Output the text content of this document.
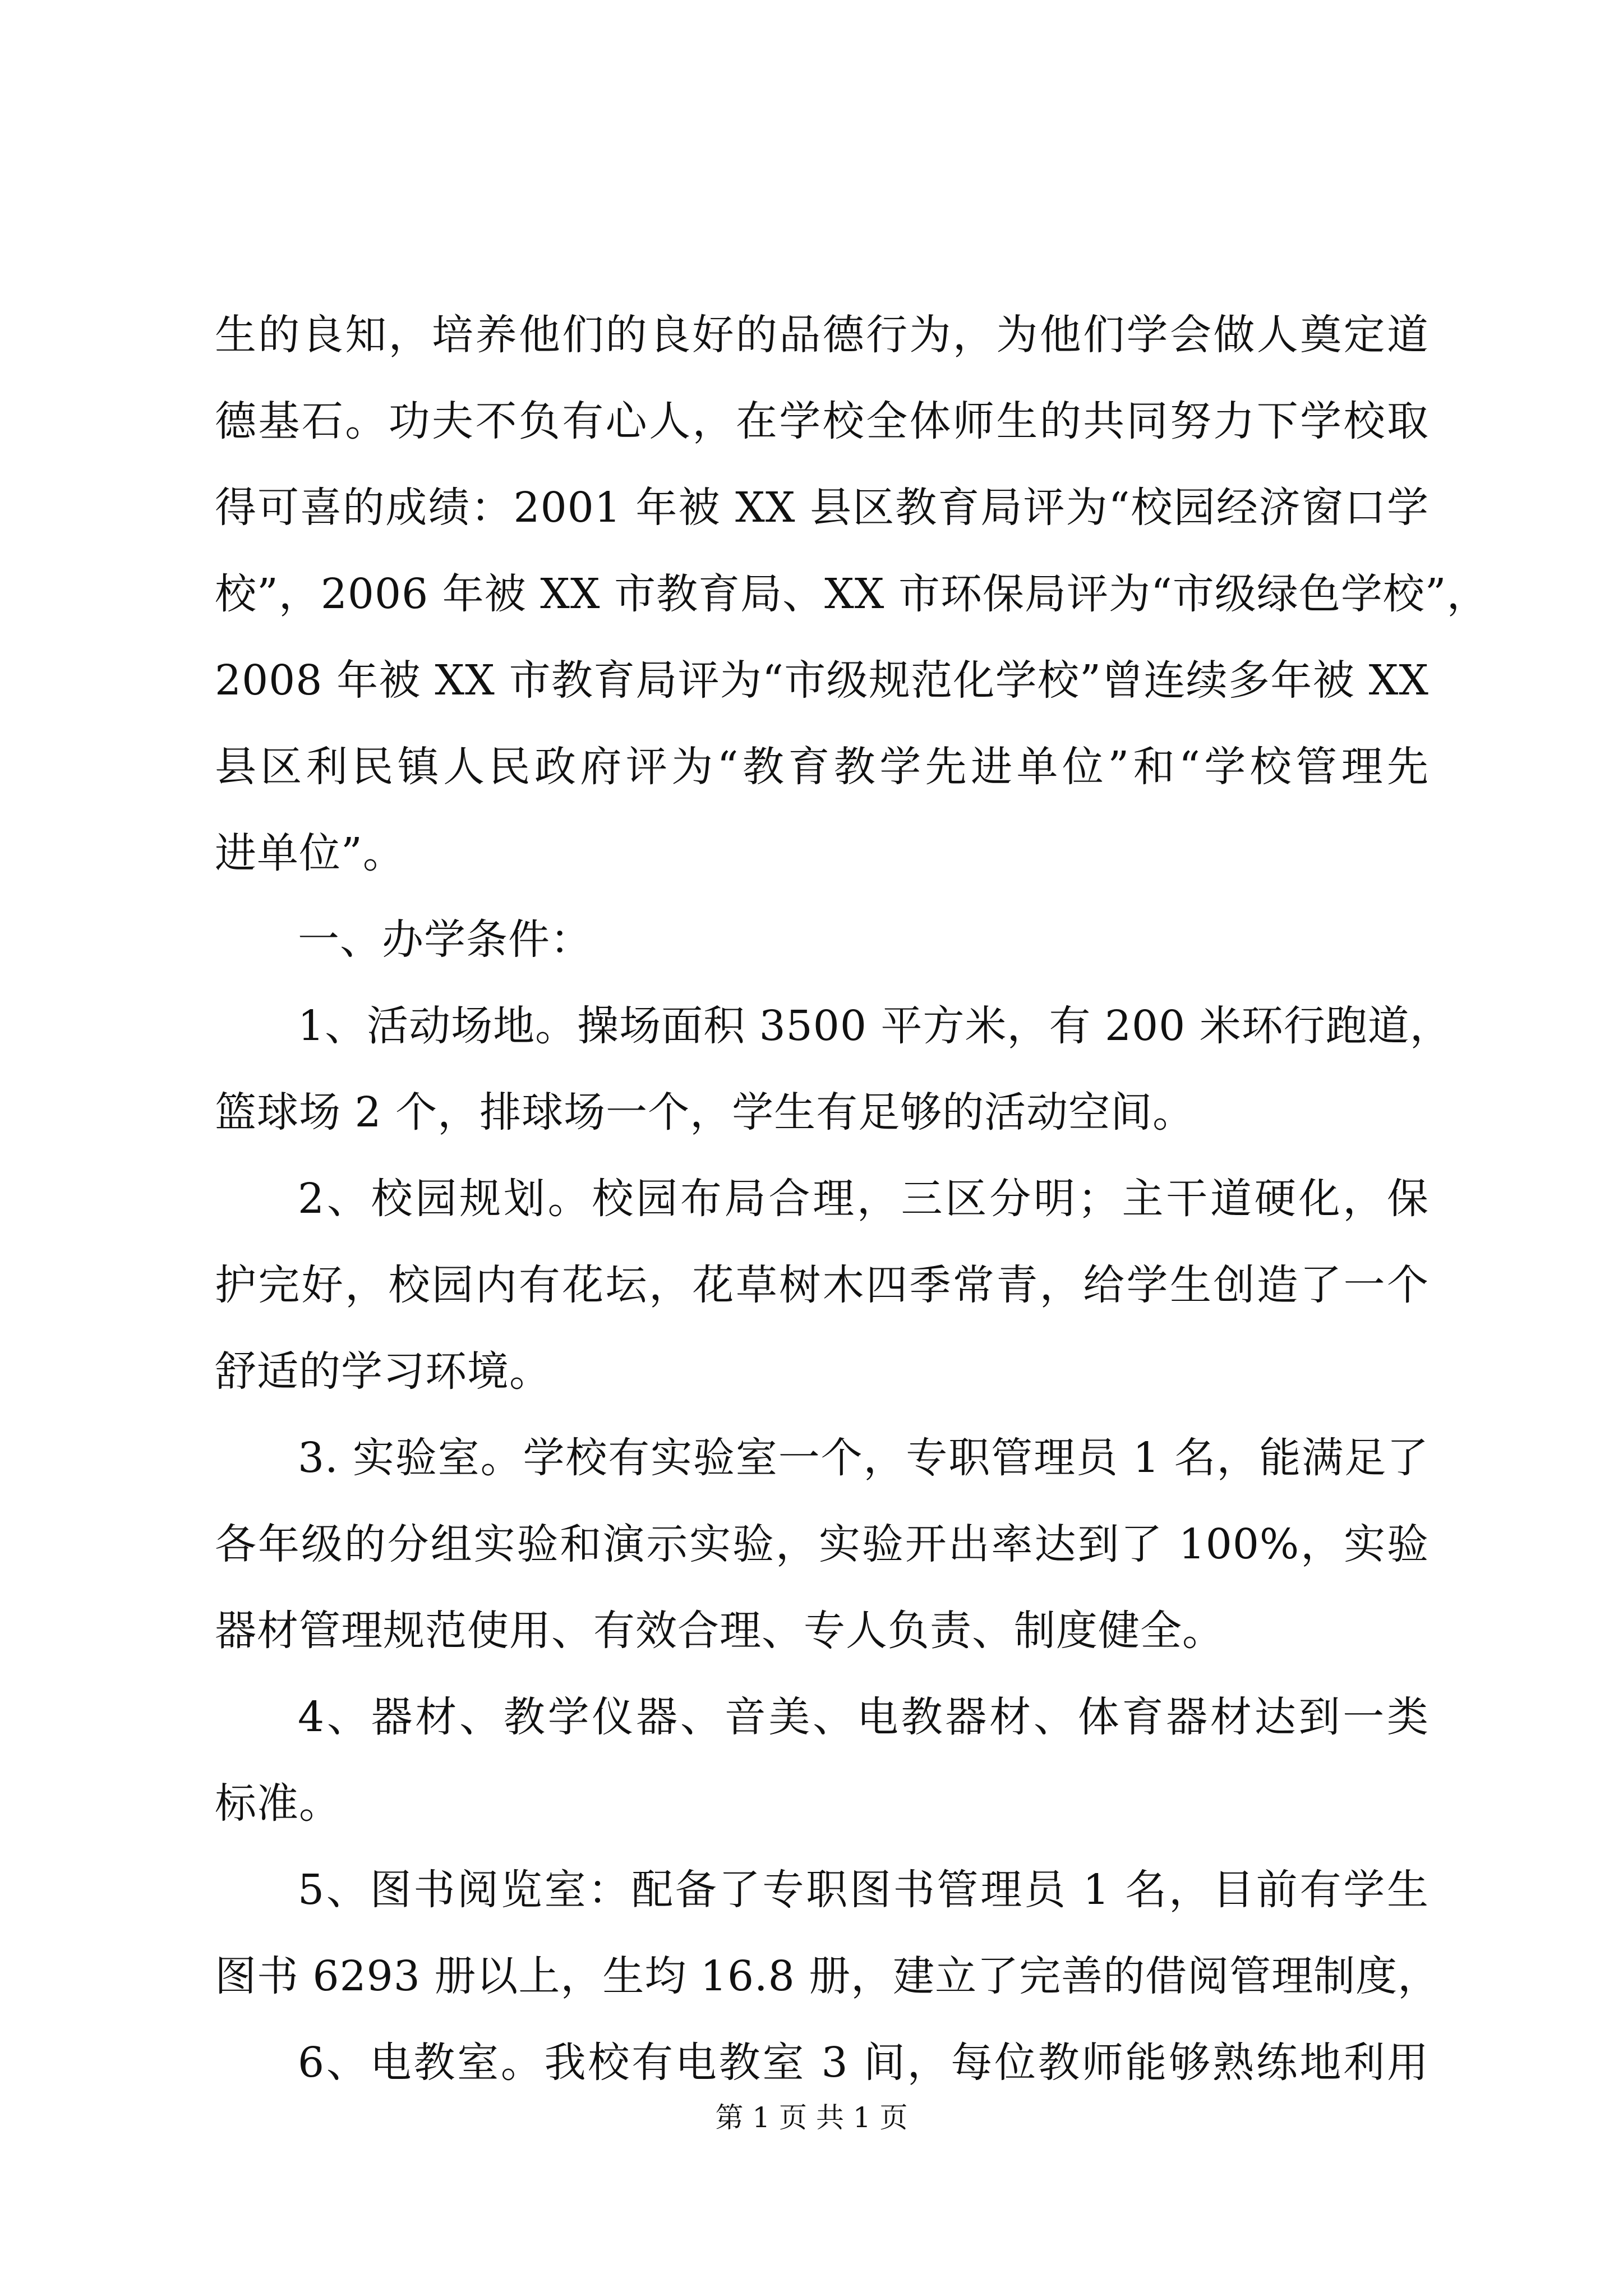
生的良知，培养他们的良好的品德行为，为他们学会做人奠定道
德基石。功夫不负有心人，在学校全体师生的共同努力下学校取
得可喜的成绩：2001 年被 XX 县区教育局评为“校园经济窗口学
校”，2006 年被 XX 市教育局、XX 市环保局评为“市级绿色学校”，
2008 年被 XX 市教育局评为“市级规范化学校”曾连续多年被 XX
县区利民镇人民政府评为“教育教学先进单位”和“学校管理先
进单位”。
一、办学条件：
1、活动场地。操场面积 3500 平方米，有 200 米环行跑道，
篮球场 2 个，排球场一个，学生有足够的活动空间。
2、校园规划。校园布局合理，三区分明；主干道硬化，保
护完好，校园内有花坛，花草树木四季常青，给学生创造了一个
舒适的学习环境。
3. 实验室。学校有实验室一个，专职管理员 1 名，能满足了
各年级的分组实验和演示实验，实验开出率达到了 100%，实验
器材管理规范使用、有效合理、专人负责、制度健全。
4、器材、教学仪器、音美、电教器材、体育器材达到一类
标准。
5、图书阅览室：配备了专职图书管理员 1 名，目前有学生
图书 6293 册以上，生均 16.8 册，建立了完善的借阅管理制度，
6、电教室。我校有电教室 3 间，每位教师能够熟练地利用
第 1 页 共 1 页
